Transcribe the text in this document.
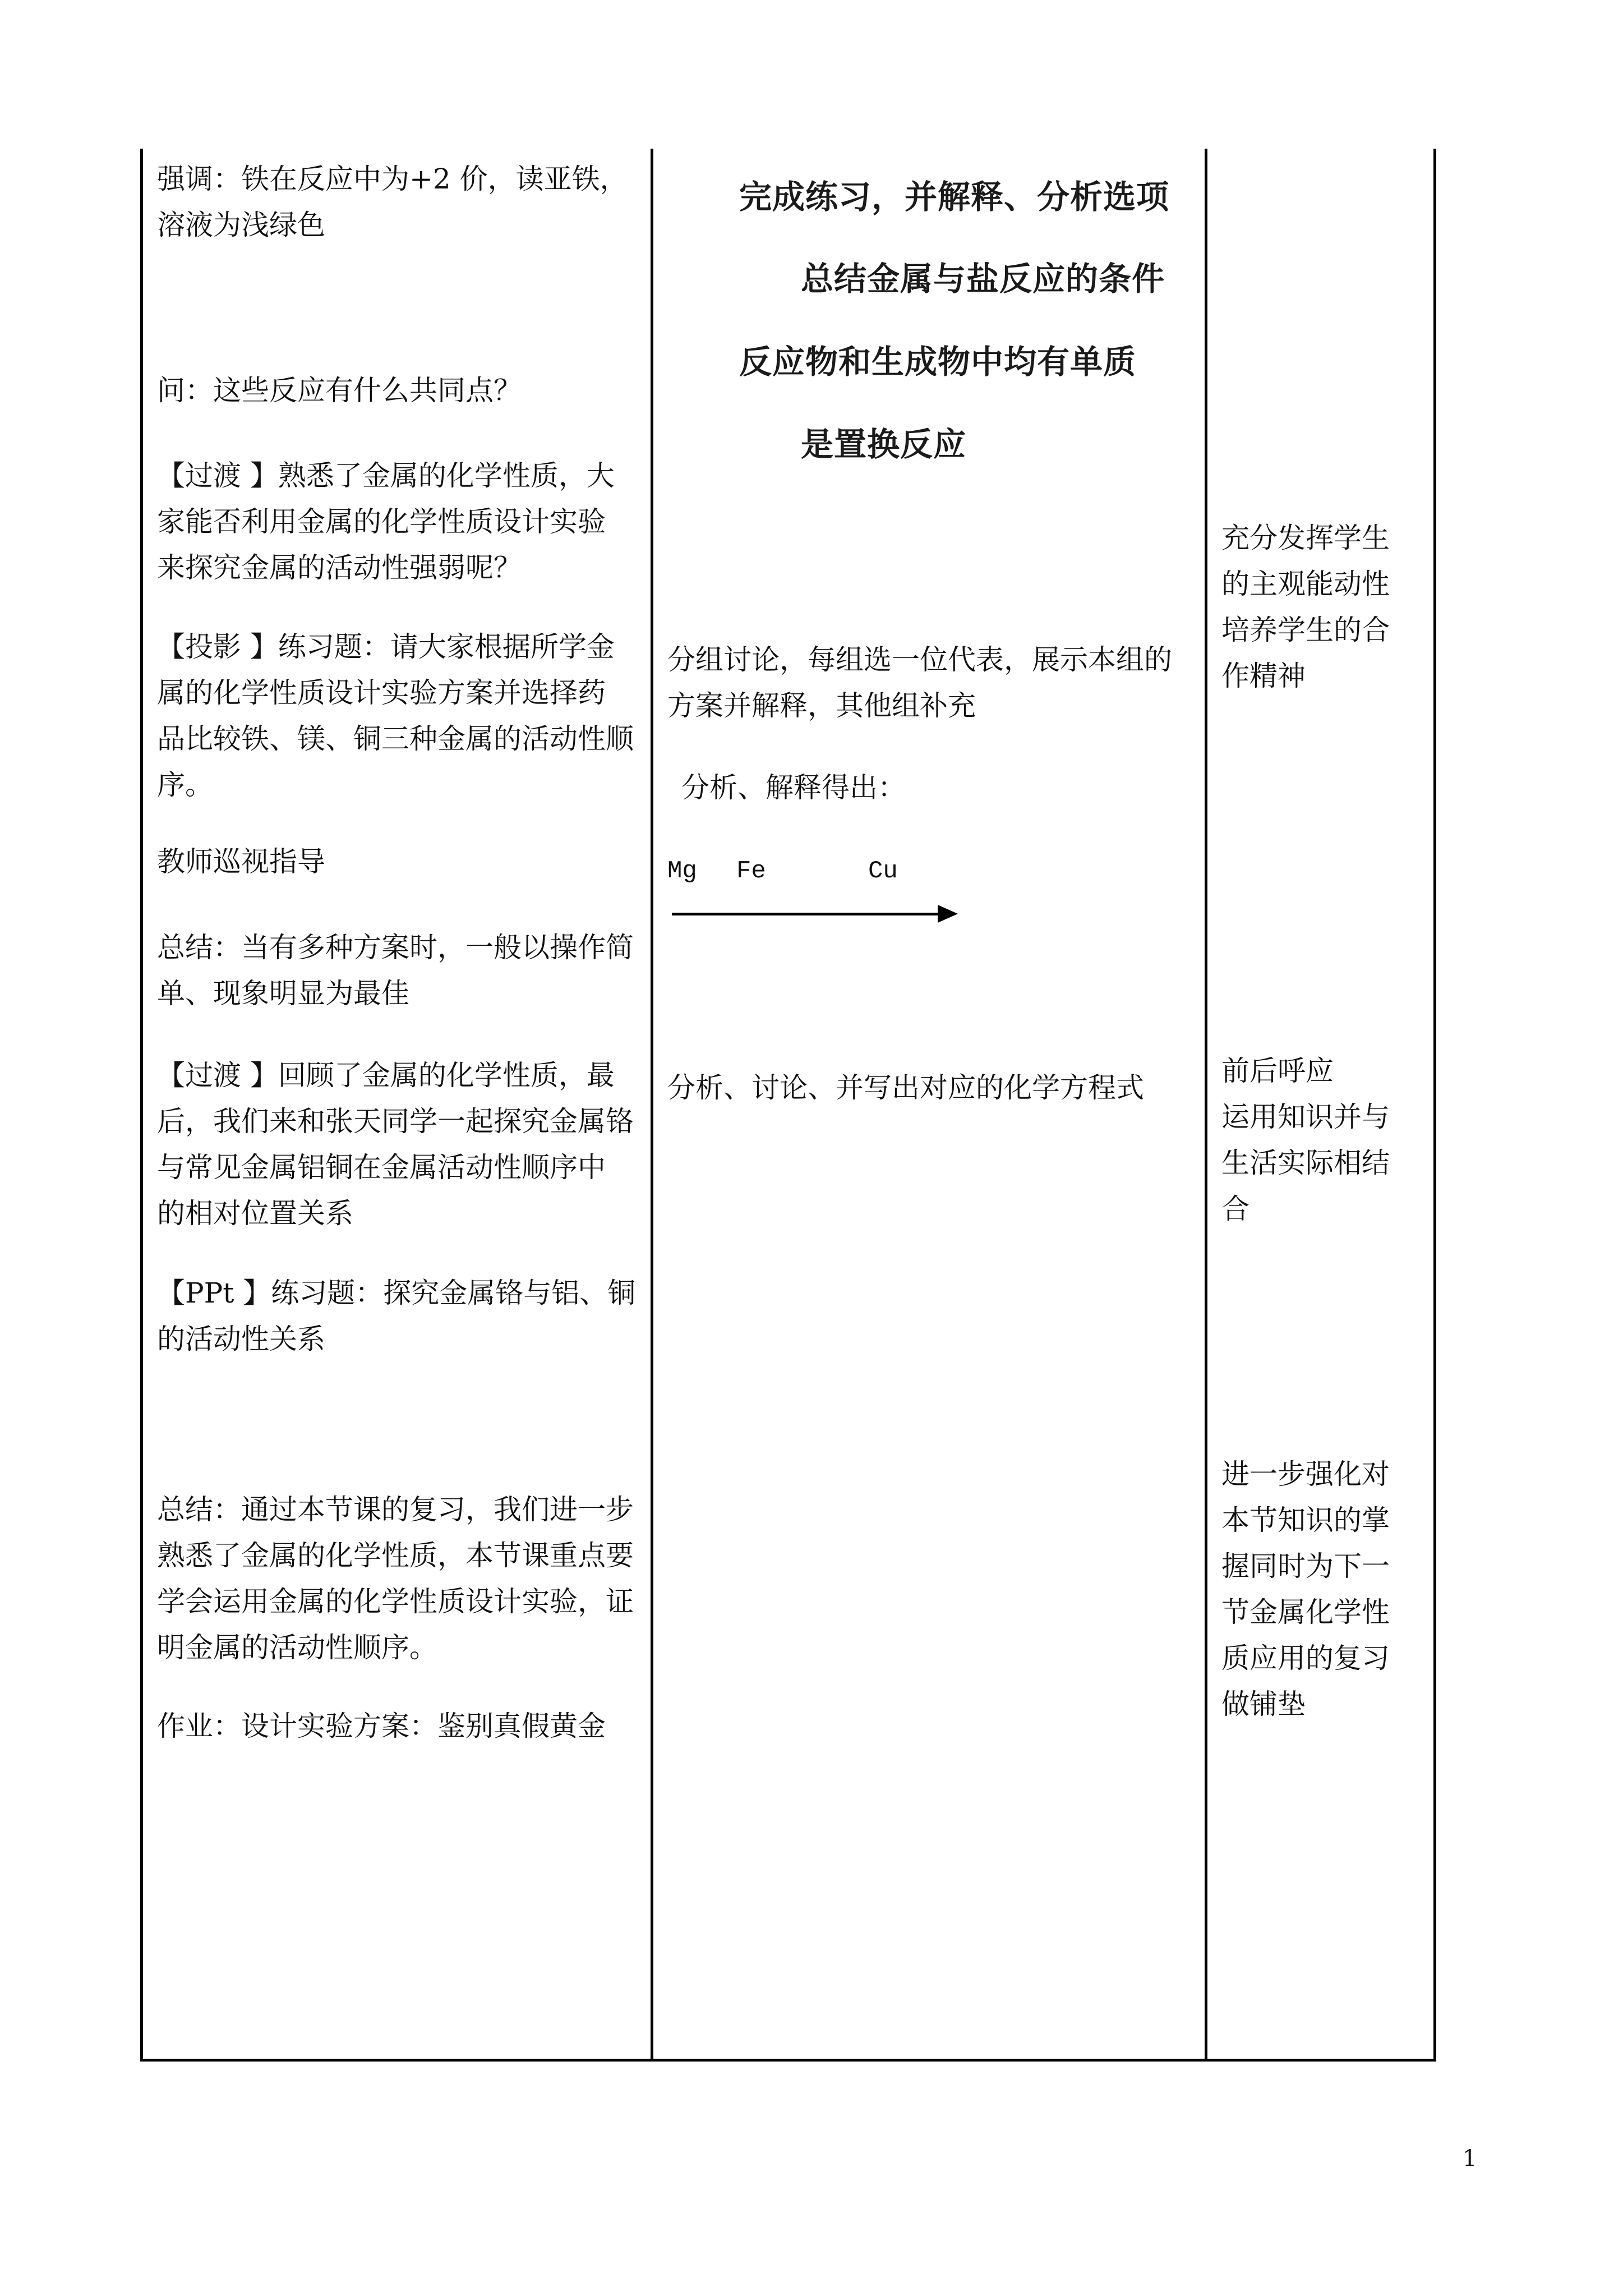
强调：铁在反应中为+2 价，读亚铁，
溶液为浅绿色
问：这些反应有什么共同点？
【过渡 】熟悉了金属的化学性质，大
家能否利用金属的化学性质设计实验
来探究金属的活动性强弱呢？
【投影 】练习题：请大家根据所学金
属的化学性质设计实验方案并选择药
品比较铁、镁、铜三种金属的活动性顺
序。
教师巡视指导
总结：当有多种方案时，一般以操作简
单、现象明显为最佳
【过渡 】回顾了金属的化学性质，最
后，我们来和张天同学一起探究金属铬
与常见金属铝铜在金属活动性顺序中
的相对位置关系
【PPt 】练习题：探究金属铬与铝、铜
的活动性关系
总结：通过本节课的复习，我们进一步
熟悉了金属的化学性质，本节课重点要
学会运用金属的化学性质设计实验，证
明金属的活动性顺序。
作业：设计实验方案：鉴别真假黄金
完成练习，并解释、分析选项
总结金属与盐反应的条件
反应物和生成物中均有单质
是置换反应
分组讨论，每组选一位代表，展示本组的
方案并解释，其他组补充
分析、解释得出：
Mg Fe	Cu
分析、讨论、并写出对应的化学方程式
充分发挥学生
的主观能动性
培养学生的合
作精神
前后呼应
运用知识并与
生活实际相结
合
进一步强化对
本节知识的掌
握同时为下一
节金属化学性
质应用的复习
做铺垫
1
